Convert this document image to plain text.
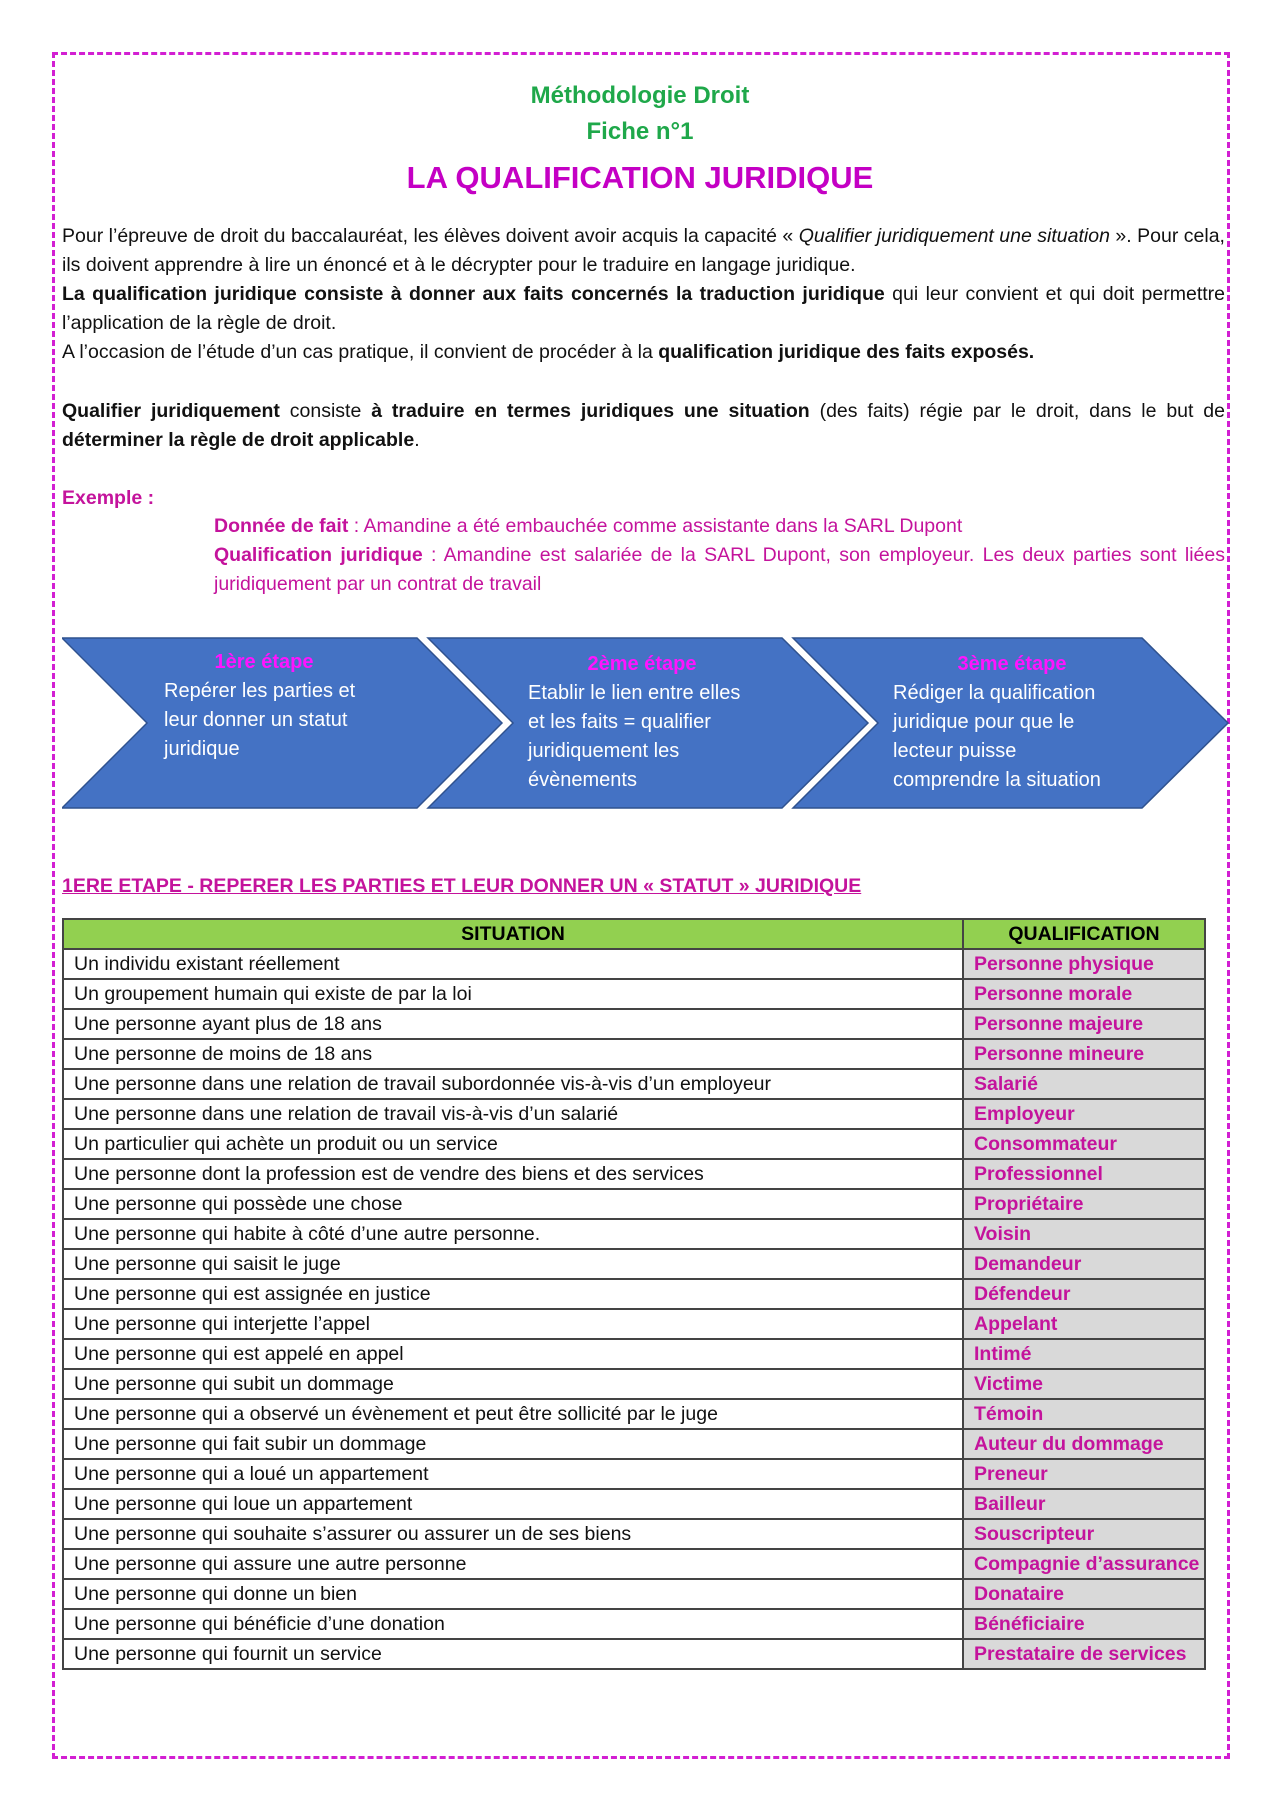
Méthodologie Droit
Fiche n°1
LA QUALIFICATION JURIDIQUE
Pour l’épreuve de droit du baccalauréat, les élèves doivent avoir acquis la capacité « Qualifier juridiquement une situation ». Pour cela, ils doivent apprendre à lire un énoncé et à le décrypter pour le traduire en langage juridique.
La qualification juridique consiste à donner aux faits concernés la traduction juridique qui leur convient et qui doit permettre l’application de la règle de droit.
A l’occasion de l’étude d’un cas pratique, il convient de procéder à la qualification juridique des faits exposés.
Qualifier juridiquement consiste à traduire en termes juridiques une situation (des faits) régie par le droit, dans le but de déterminer la règle de droit applicable.
Exemple :
Donnée de fait : Amandine a été embauchée comme assistante dans la SARL Dupont
Qualification juridique : Amandine est salariée de la SARL Dupont, son employeur. Les deux parties sont liées juridiquement par un contrat de travail
1ère étape
Repérer les parties et
leur donner un statut
juridique
2ème étape
Etablir le lien entre elles
et les faits = qualifier
juridiquement les
évènements
3ème étape
Rédiger la qualification
juridique pour que le
lecteur puisse
comprendre la situation
1ERE ETAPE - REPERER LES PARTIES ET LEUR DONNER UN « STATUT » JURIDIQUE
SITUATION	QUALIFICATION
Un individu existant réellement	Personne physique
Un groupement humain qui existe de par la loi	Personne morale
Une personne ayant plus de 18 ans	Personne majeure
Une personne de moins de 18 ans	Personne mineure
Une personne dans une relation de travail subordonnée vis-à-vis d’un employeur	Salarié
Une personne dans une relation de travail vis-à-vis d’un salarié	Employeur
Un particulier qui achète un produit ou un service	Consommateur
Une personne dont la profession est de vendre des biens et des services	Professionnel
Une personne qui possède une chose	Propriétaire
Une personne qui habite à côté d’une autre personne.	Voisin
Une personne qui saisit le juge	Demandeur
Une personne qui est assignée en justice	Défendeur
Une personne qui interjette l’appel	Appelant
Une personne qui est appelé en appel	Intimé
Une personne qui subit un dommage	Victime
Une personne qui a observé un évènement et peut être sollicité par le juge	Témoin
Une personne qui fait subir un dommage	Auteur du dommage
Une personne qui a loué un appartement	Preneur
Une personne qui loue un appartement	Bailleur
Une personne qui souhaite s’assurer ou assurer un de ses biens	Souscripteur
Une personne qui assure une autre personne	Compagnie d’assurance
Une personne qui donne un bien	Donataire
Une personne qui bénéficie d’une donation	Bénéficiaire
Une personne qui fournit un service	Prestataire de services
